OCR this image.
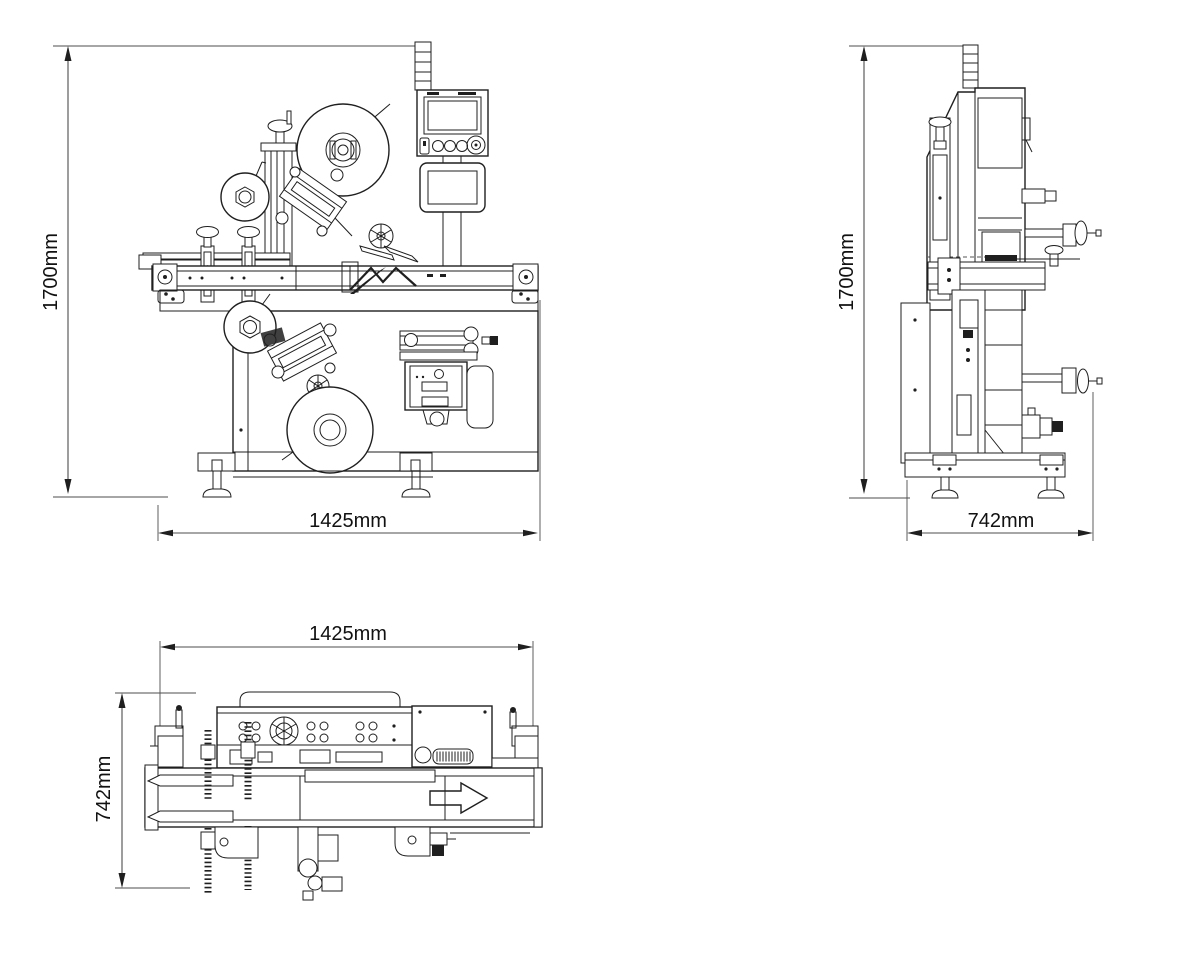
1700mm
1425mm
1700mm
742mm
1425mm
742mm
